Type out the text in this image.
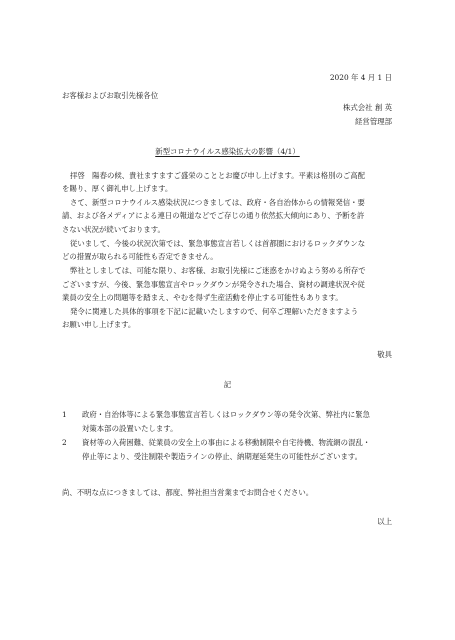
2020 年 4 月 1 日

お客様およびお取引先様各位

株式会社 創 英

経営管理部

新型コロナウイルス感染拡大の影響（4/1）

拝啓　陽春の候、貴社ますますご盛栄のこととお慶び申し上げます。平素は格別のご高配

を賜り、厚く御礼申し上げます。

さて、新型コロナウイルス感染状況につきましては、政府・各自治体からの情報発信・要

請、および各メディアによる連日の報道などでご存じの通り依然拡大傾向にあり、予断を許

さない状況が続いております。

従いまして、今後の状況次第では、緊急事態宣言若しくは首都圏におけるロックダウンな

どの措置が取られる可能性も否定できません。

弊社としましては、可能な限り、お客様、お取引先様にご迷惑をかけぬよう努める所存で

ございますが、今後、緊急事態宣言やロックダウンが発令された場合、資材の調達状況や従

業員の安全上の問題等を踏まえ、やむを得ず生産活動を停止する可能性もあります。

発令に関連した具体的事項を下記に記載いたしますので、何卒ご理解いただきますよう

お願い申し上げます。

敬具

記

1 政府・自治体等による緊急事態宣言若しくはロックダウン等の発令次第、弊社内に緊急
対策本部の設置いたします。
2 資材等の入荷困難、従業員の安全上の事由による移動制限や自宅待機、物流網の混乱・
停止等により、受注制限や製造ラインの停止、納期遅延発生の可能性がございます。

尚、不明な点につきましては、都度、弊社担当営業までお問合せください。

以上
